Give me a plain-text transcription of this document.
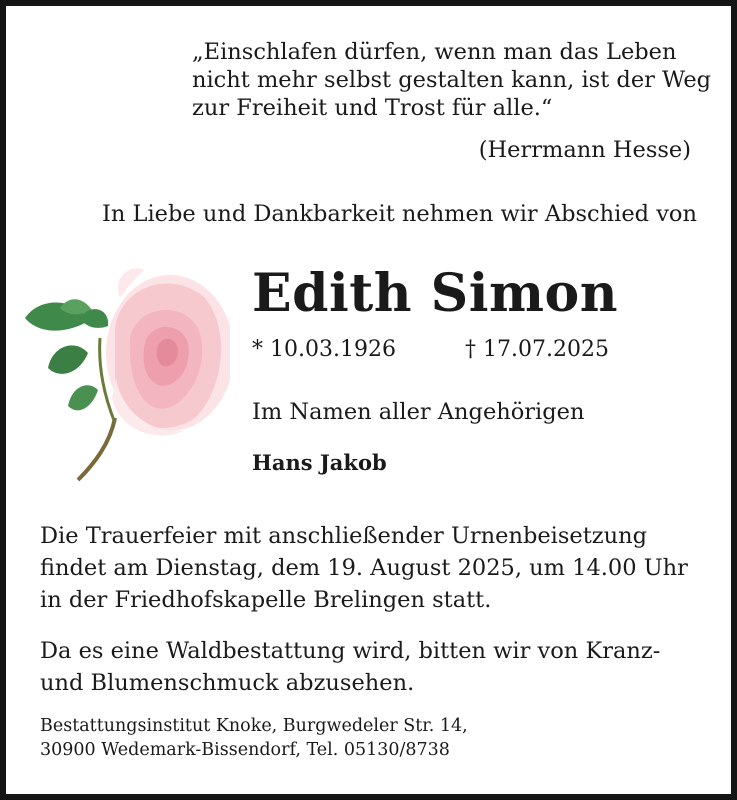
„Einschlafen dürfen, wenn man das Leben
nicht mehr selbst gestalten kann, ist der Weg
zur Freiheit und Trost für alle.“
(Herrmann Hesse)
In Liebe und Dankbarkeit nehmen wir Abschied von
Edith Simon
* 10.03.1926	† 17.07.2025
Im Namen aller Angehörigen
Hans Jakob
Die Trauerfeier mit anschließender Urnenbeisetzung
findet am Dienstag, dem 19. August 2025, um 14.00 Uhr
in der Friedhofskapelle Brelingen statt.
Da es eine Waldbestattung wird, bitten wir von Kranz-
und Blumenschmuck abzusehen.
Bestattungsinstitut Knoke, Burgwedeler Str. 14,
30900 Wedemark-Bissendorf, Tel. 05130/8738
